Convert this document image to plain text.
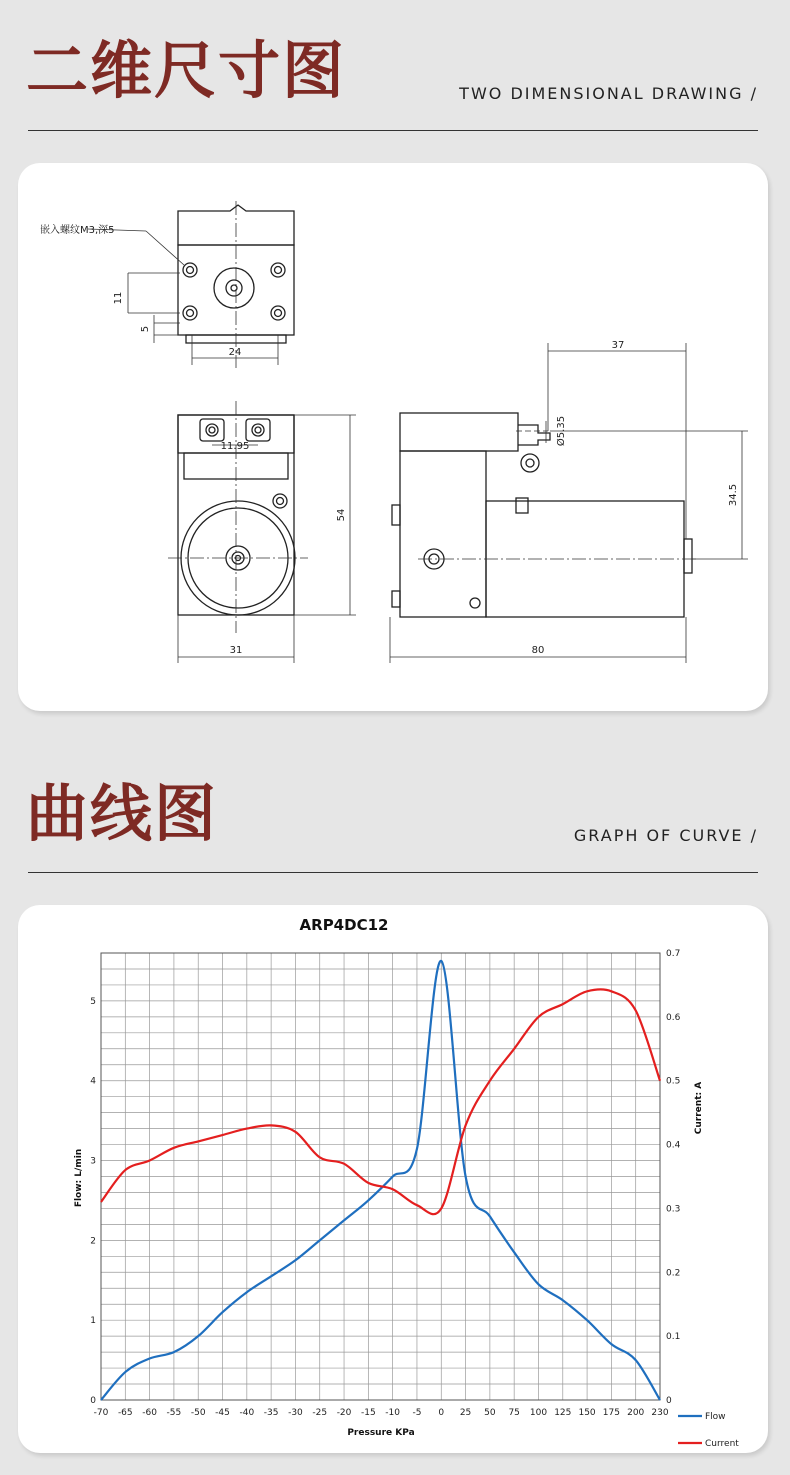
二维尺寸图	TWO DIMENSIONAL DRAWING /
嵌入螺纹M3,深5
11
5
24
11.95
54
31
37
Ø5.35
34.5
80
曲线图	GRAPH OF CURVE /
ARP4DC12
-70 -65 -60 -55 -50 -45 -40 -35 -30 -25 -20 -15 -10 -5 0 25 50 75 100 125 150 175 200 230
0
1
2
3
4
5
0
0.1
0.2
0.3
0.4
0.5
0.6
0.7
Flow: L/min
Current: A
Pressure KPa
Flow
Current
